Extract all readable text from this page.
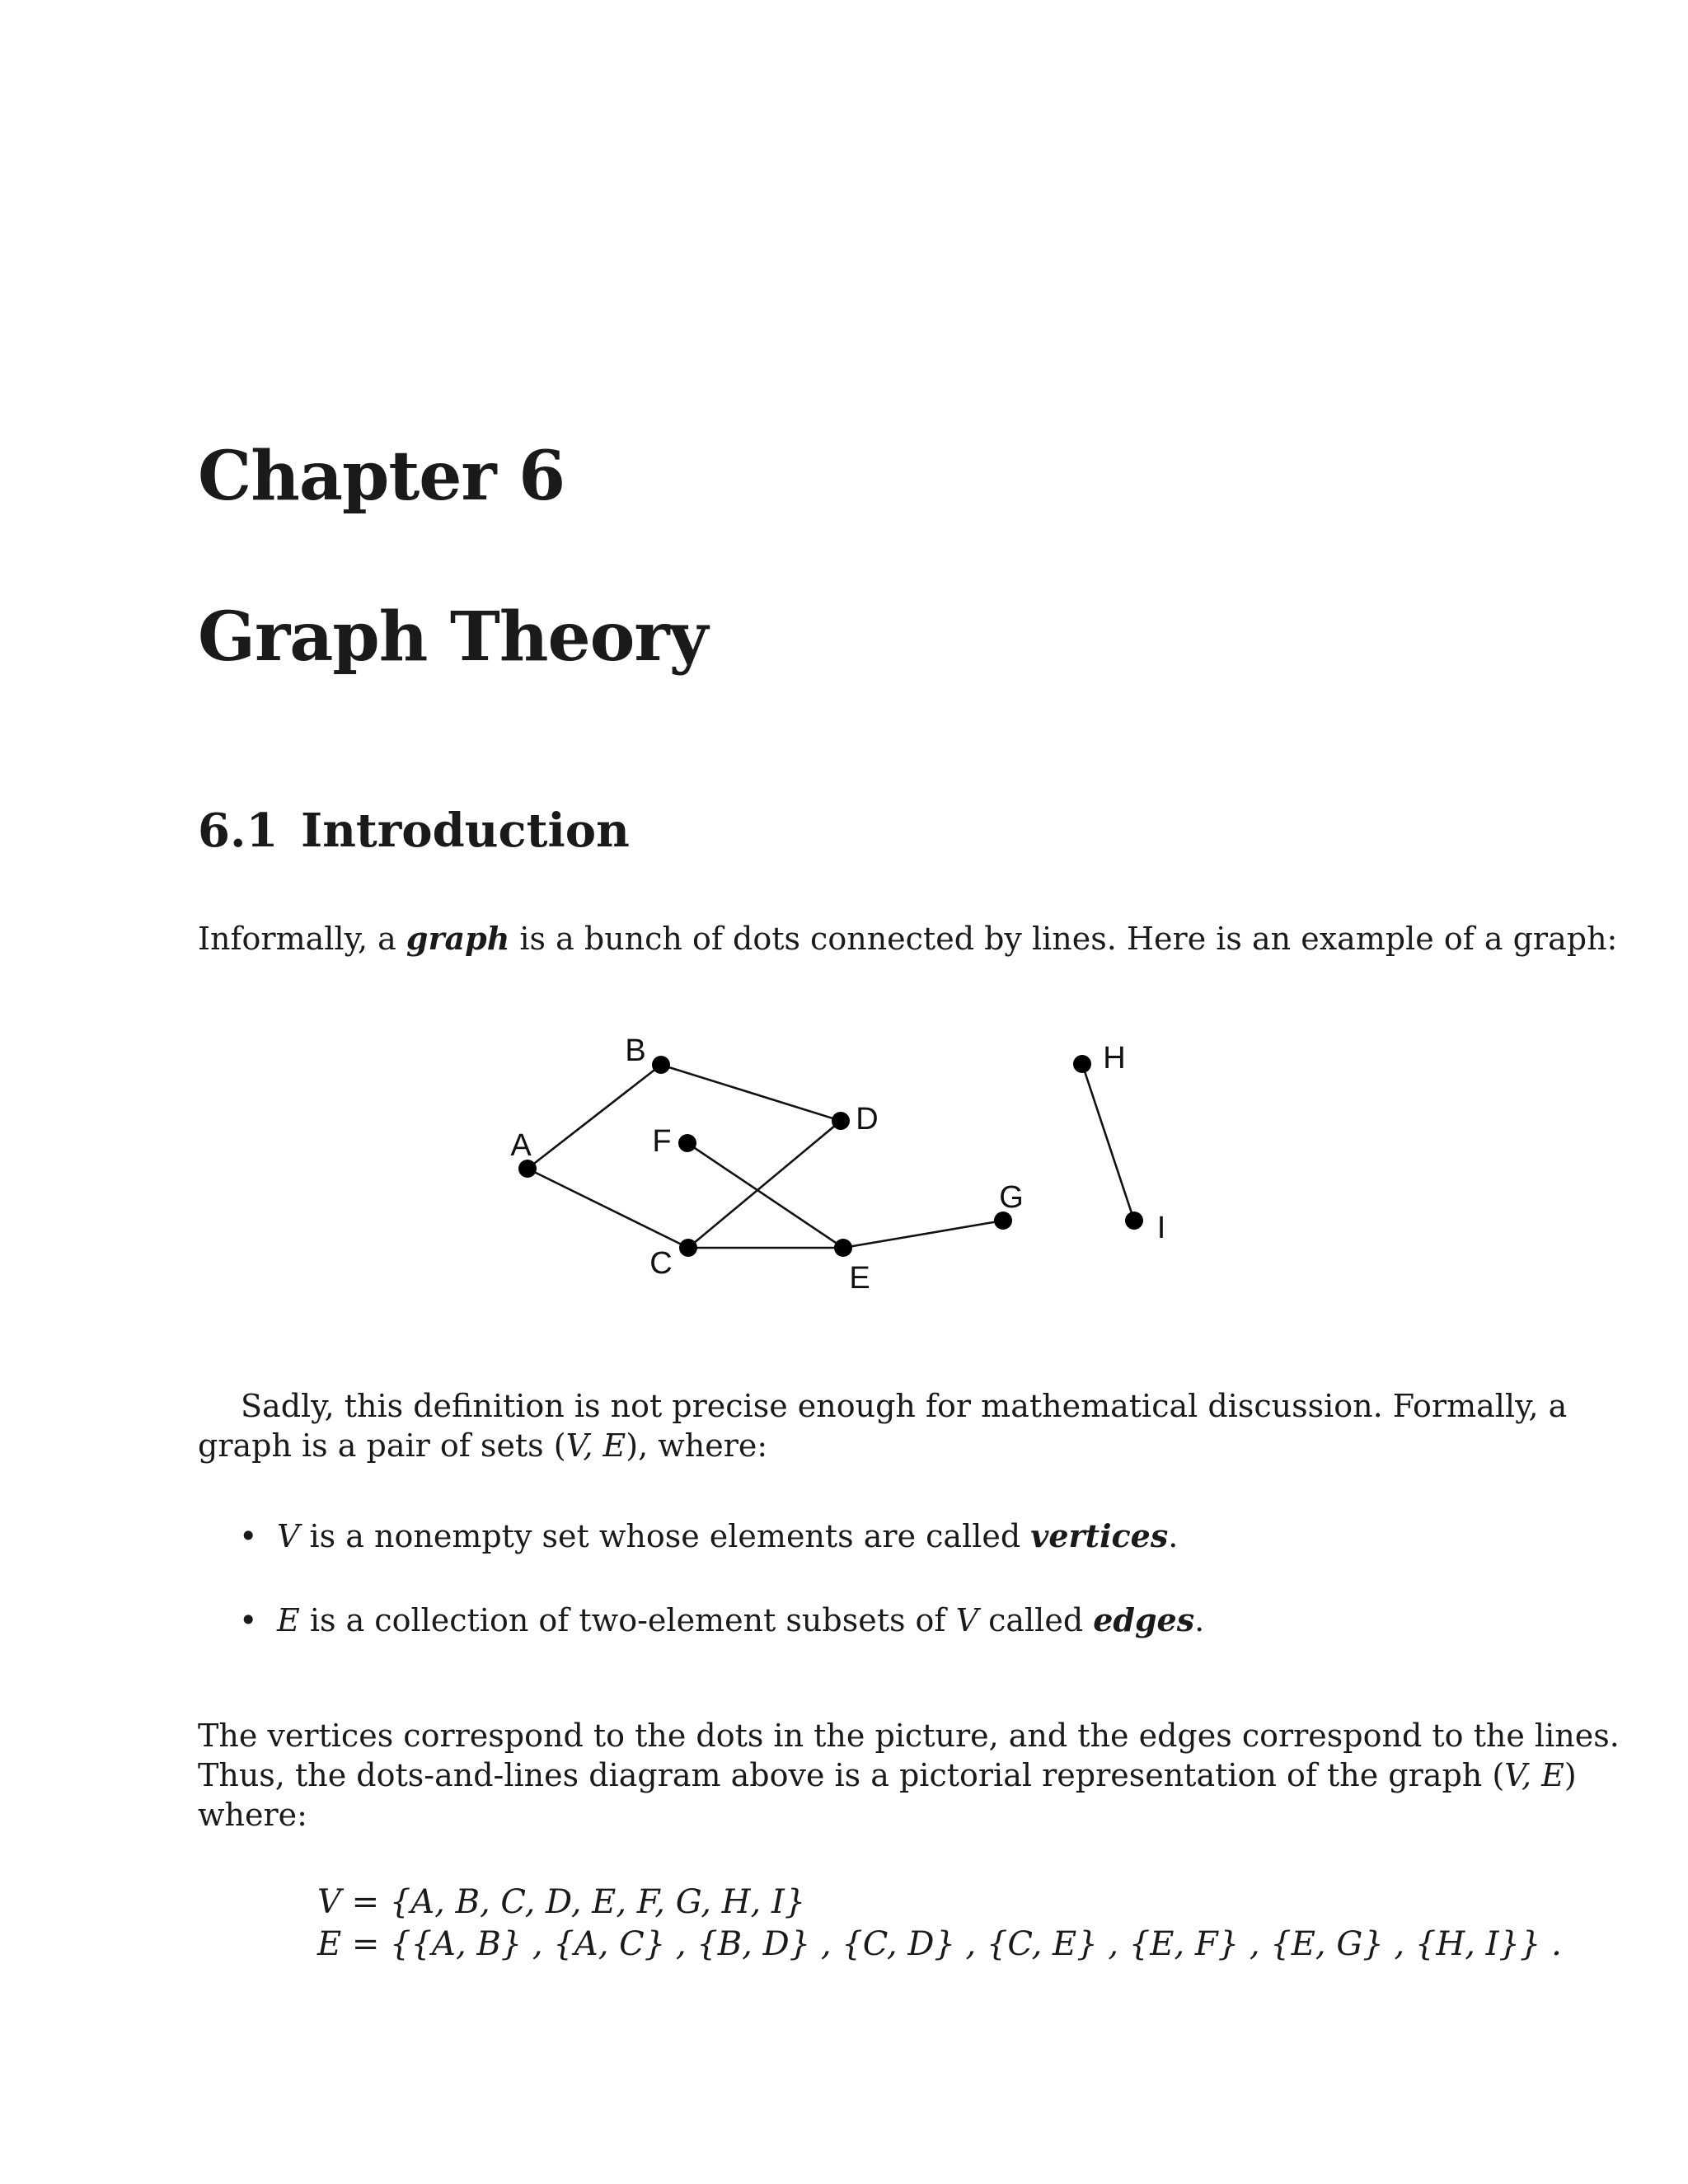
Chapter 6
Graph Theory
6.1 Introduction
Informally, a graph is a bunch of dots connected by lines. Here is an example of a graph:
A
B
C
D
E
F
G
H
I
Sadly, this definition is not precise enough for mathematical discussion. Formally, a
graph is a pair of sets (V, E), where:
• V is a nonempty set whose elements are called vertices.
• E is a collection of two-element subsets of V called edges.
The vertices correspond to the dots in the picture, and the edges correspond to the lines.
Thus, the dots-and-lines diagram above is a pictorial representation of the graph (V, E)
where:
V = {A, B, C, D, E, F, G, H, I}
E = {{A, B} , {A, C} , {B, D} , {C, D} , {C, E} , {E, F} , {E, G} , {H, I}} .
